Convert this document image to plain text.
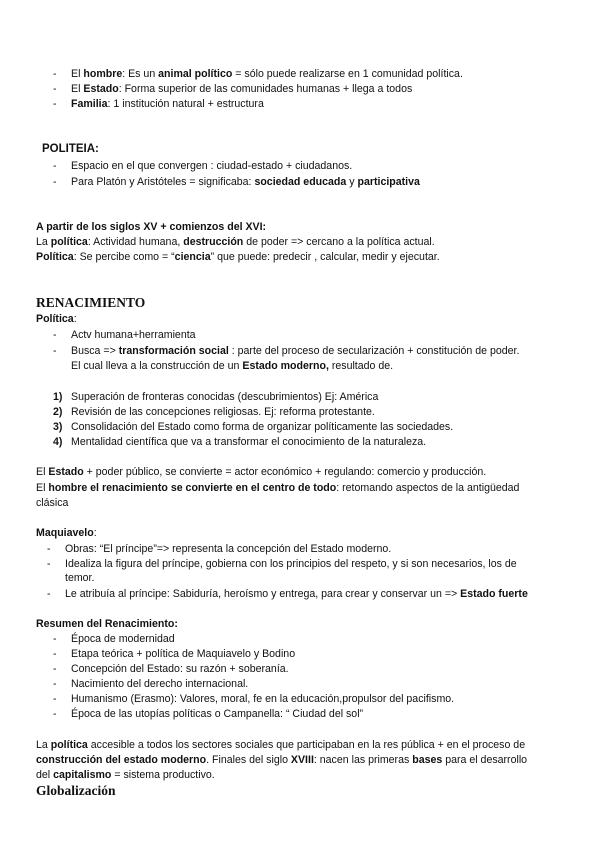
-	El hombre: Es un animal político = sólo puede realizarse en 1 comunidad política.
-	El Estado: Forma superior de las comunidades humanas + llega a todos
-	Familia: 1 institución natural + estructura
POLITEIA:
-	Espacio en el que convergen : ciudad-estado + ciudadanos.
-	Para Platón y Aristóteles = significaba: sociedad educada y participativa
A partir de los siglos XV + comienzos del XVI:
La política: Actividad humana, destrucción de poder => cercano a la política actual.
Política: Se percibe como = “ciencia” que puede: predecir , calcular, medir y ejecutar.
RENACIMIENTO
Política:
-	Actv humana+herramienta
-	Busca => transformación social : parte del proceso de secularización + constitución de poder.
El cual lleva a la construcción de un Estado moderno, resultado de.
1) Superación de fronteras conocidas (descubrimientos) Ej: América
2) Revisión de las concepciones religiosas. Ej: reforma protestante.
3) Consolidación del Estado como forma de organizar políticamente las sociedades.
4) Mentalidad científica que va a transformar el conocimiento de la naturaleza.
El Estado + poder público, se convierte = actor económico + regulando: comercio y producción.
El hombre el renacimiento se convierte en el centro de todo: retomando aspectos de la antigüedad
clásica
Maquiavelo:
-	Obras: “El príncipe”=> representa la concepción del Estado moderno.
-	Idealiza la figura del príncipe, gobierna con los principios del respeto, y si son necesarios, los de
temor.
-	Le atribuía al príncipe: Sabiduría, heroísmo y entrega, para crear y conservar un => Estado fuerte
Resumen del Renacimiento:
-	Época de modernidad
-	Etapa teórica + política de Maquiavelo y Bodino
-	Concepción del Estado: su razón + soberanía.
-	Nacimiento del derecho internacional.
-	Humanismo (Erasmo): Valores, moral, fe en la educación,propulsor del pacifismo.
-	Época de las utopías políticas o Campanella: “ Ciudad del sol”
La política accesible a todos los sectores sociales que participaban en la res pública + en el proceso de
construcción del estado moderno. Finales del siglo XVIII: nacen las primeras bases para el desarrollo
del capitalismo = sistema productivo.
Globalización
